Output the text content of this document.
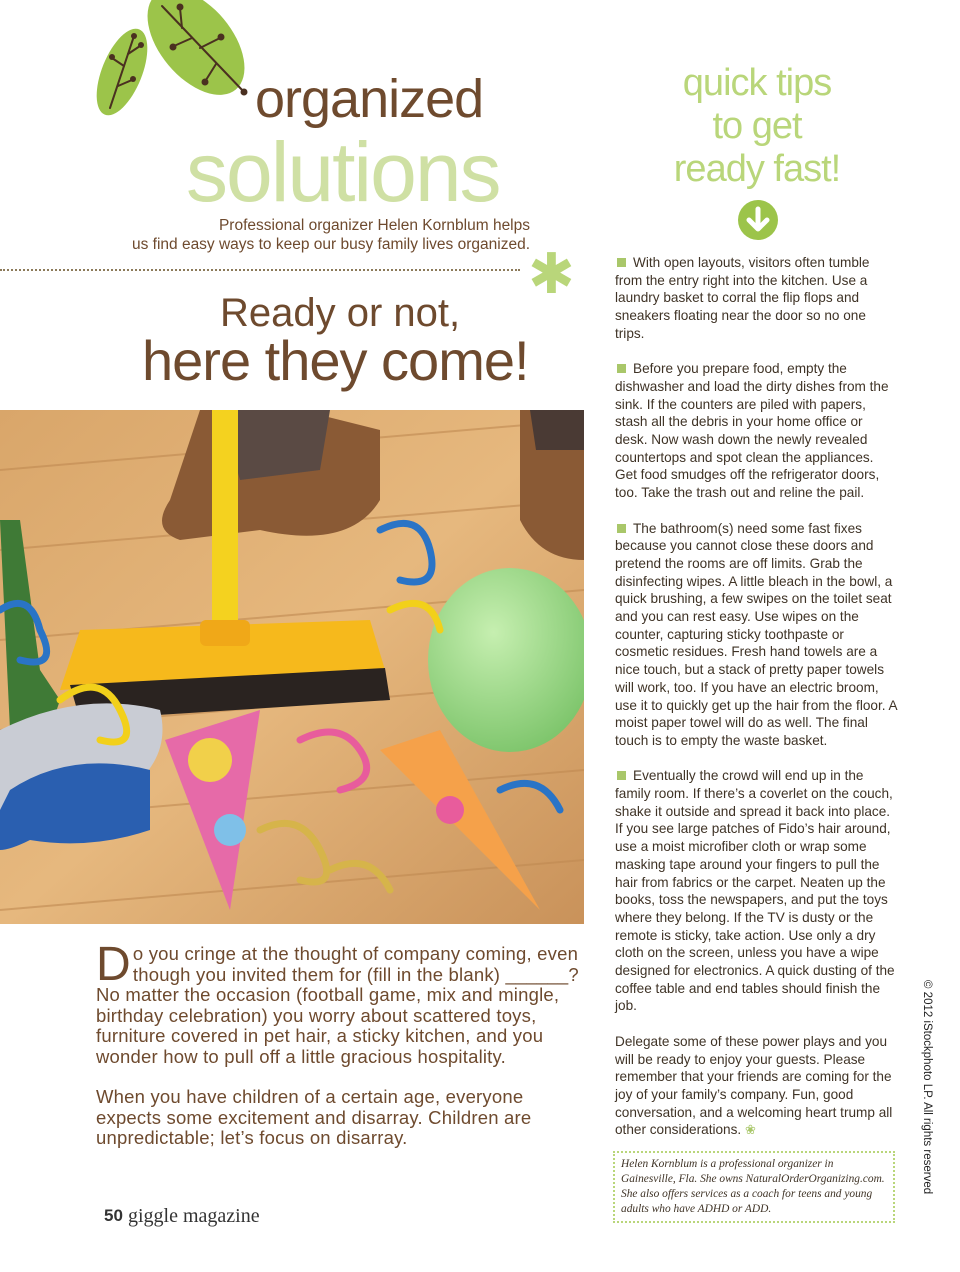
organized
solutions
Professional organizer Helen Kornblum helps
us find easy ways to keep our busy family lives organized.
✱
Ready or not,
here they come!

Do you cringe at the thought of company coming, even though you invited them for (fill in the blank) ______? No matter the occasion (football game, mix and mingle, birthday celebration) you worry about scattered toys, furniture covered in pet hair, a sticky kitchen, and you wonder how to pull off a little gracious hospitality.

When you have children of a certain age, everyone expects some excitement and disarray. Children are unpredictable; let’s focus on disarray.

50 giggle magazine
quick tips
to get
ready fast!

With open layouts, visitors often tumble from the entry right into the kitchen. Use a laundry basket to corral the flip flops and sneakers floating near the door so no one trips.

Before you prepare food, empty the dishwasher and load the dirty dishes from the sink. If the counters are piled with papers, stash all the debris in your home office or desk. Now wash down the newly revealed countertops and spot clean the appliances. Get food smudges off the refrigerator doors, too. Take the trash out and reline the pail.

The bathroom(s) need some fast fixes because you cannot close these doors and pretend the rooms are off limits. Grab the disinfecting wipes. A little bleach in the bowl, a quick brushing, a few swipes on the toilet seat and you can rest easy. Use wipes on the counter, capturing sticky toothpaste or cosmetic residues. Fresh hand towels are a nice touch, but a stack of pretty paper towels will work, too. If you have an electric broom, use it to quickly get up the hair from the floor. A moist paper towel will do as well. The final touch is to empty the waste basket.

Eventually the crowd will end up in the family room. If there’s a coverlet on the couch, shake it outside and spread it back into place. If you see large patches of Fido’s hair around, use a moist microfiber cloth or wrap some masking tape around your fingers to pull the hair from fabrics or the carpet. Neaten up the books, toss the newspapers, and put the toys where they belong. If the TV is dusty or the remote is sticky, take action. Use only a dry cloth on the screen, unless you have a wipe designed for electronics. A quick dusting of the coffee table and end tables should finish the job.

Delegate some of these power plays and you will be ready to enjoy your guests. Please remember that your friends are coming for the joy of your family’s company. Fun, good conversation, and a welcoming heart trump all other considerations. ❀

Helen Kornblum is a professional organizer in Gainesville, Fla. She owns NaturalOrderOrganizing.com. She also offers services as a coach for teens and young adults who have ADHD or ADD.
© 2012 iStockphoto LP. All rights reserved
